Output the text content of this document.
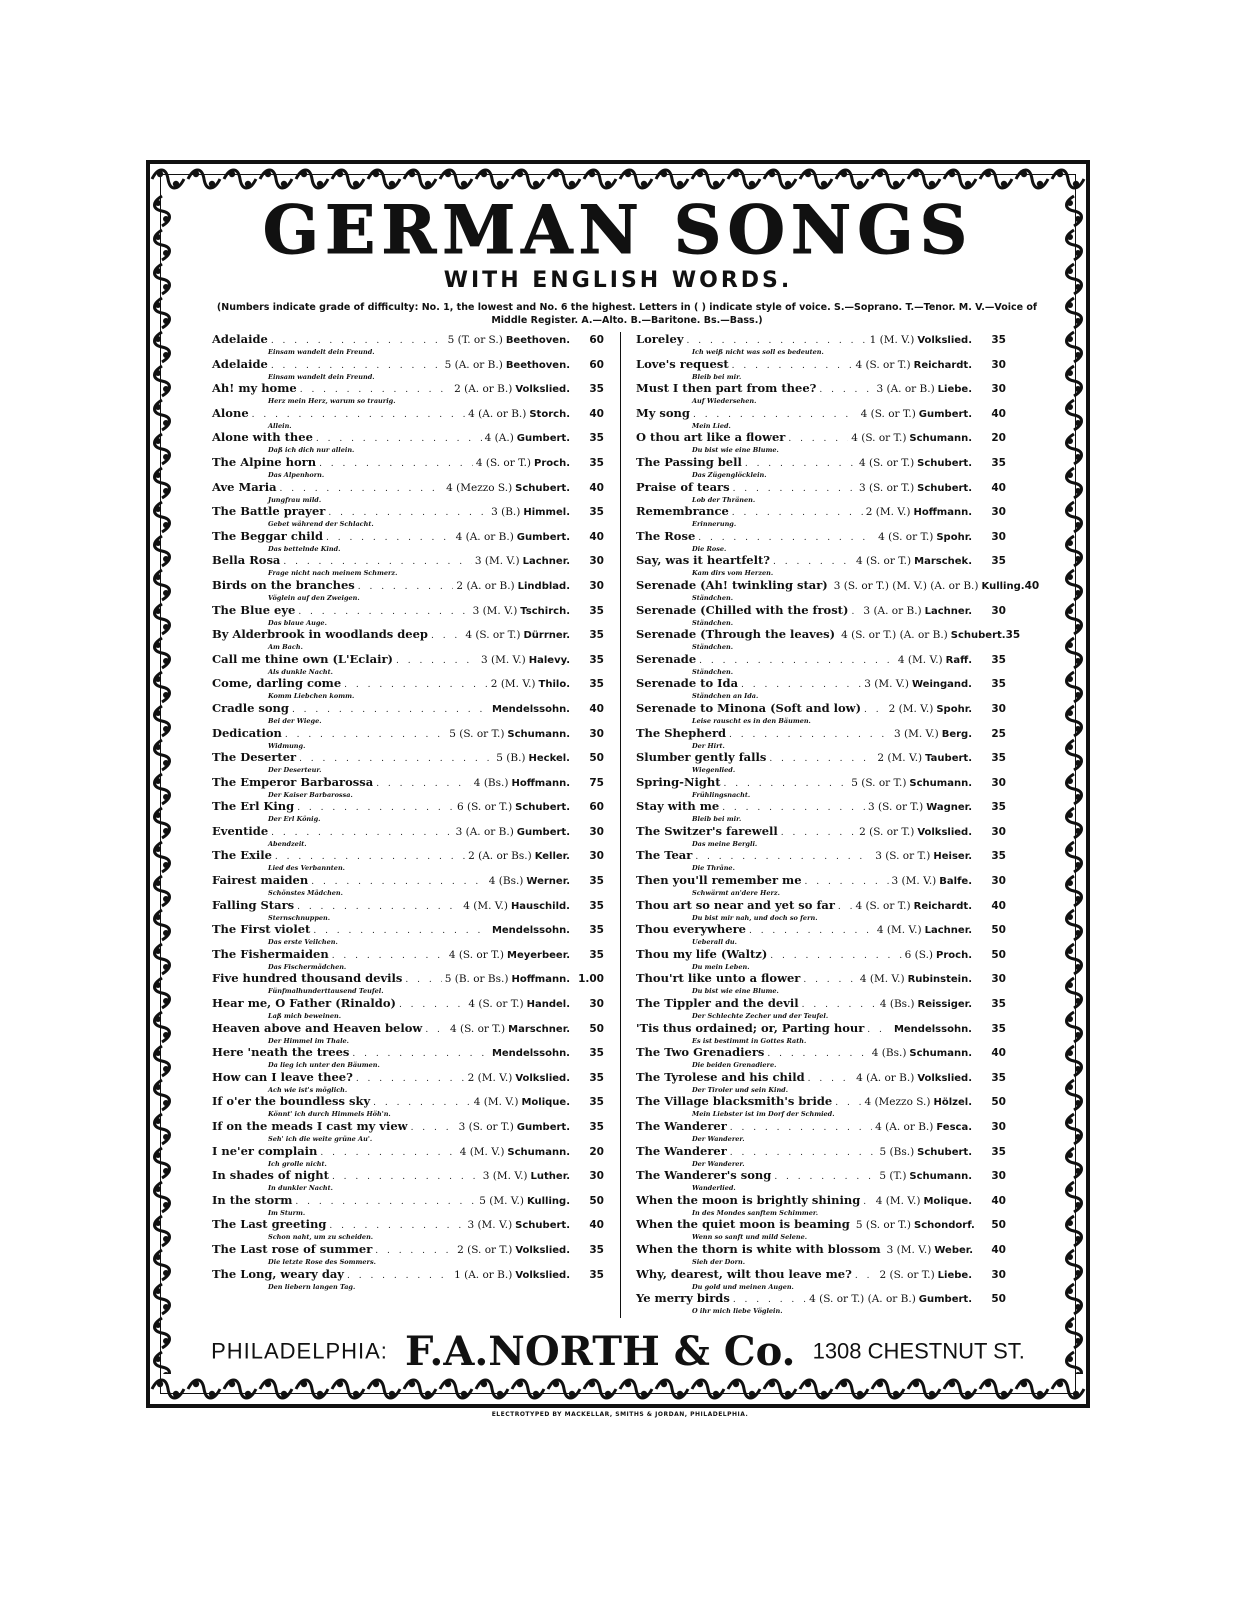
GERMAN SONGS
WITH ENGLISH WORDS.
(Numbers indicate grade of difficulty: No. 1, the lowest and No. 6 the highest. Letters in ( ) indicate style of voice. S.—Soprano. T.—Tenor. M. V.—Voice of Middle Register. A.—Alto. B.—Baritone. Bs.—Bass.)
Adelaide . . .	5 (T. or S.) Beethoven.	60
Einsam wandelt dein Freund.
Adelaide . . .	5 (A. or B.) Beethoven.	60
Einsam wandelt dein Freund.
Ah! my home . . .	2 (A. or B.) Volkslied.	35
Herz mein Herz, warum so traurig.
Alone . . .	4 (A. or B.) Storch.	40
Allein.
Alone with thee . . .	4 (A.) Gumbert.	35
Daß ich dich nur allein.
The Alpine horn . . .	4 (S. or T.) Proch.	35
Das Alpenhorn.
Ave Maria . . .	4 (Mezzo S.) Schubert.	40
Jungfrau mild.
The Battle prayer . . .	3 (B.) Himmel.	35
Gebet während der Schlacht.
The Beggar child . . .	4 (A. or B.) Gumbert.	40
Das bettelnde Kind.
Bella Rosa . . .	3 (M. V.) Lachner.	30
Frage nicht nach meinem Schmerz.
Birds on the branches . . .	2 (A. or B.) Lindblad.	30
Vöglein auf den Zweigen.
The Blue eye . . .	3 (M. V.) Tschirch.	35
Das blaue Auge.
By Alderbrook in woodlands deep . . .	4 (S. or T.) Dürrner.	35
Am Bach.
Call me thine own (L'Eclair) . . .	3 (M. V.) Halevy.	35
Als dunkle Nacht.
Come, darling come . . .	2 (M. V.) Thilo.	35
Komm Liebchen komm.
Cradle song . . .	Mendelssohn.	40
Bei der Wiege.
Dedication . . .	5 (S. or T.) Schumann.	30
Widmung.
The Deserter . . .	5 (B.) Heckel.	50
Der Deserteur.
The Emperor Barbarossa . . .	4 (Bs.) Hoffmann.	75
Der Kaiser Barbarossa.
The Erl King . . .	6 (S. or T.) Schubert.	60
Der Erl König.
Eventide . . .	3 (A. or B.) Gumbert.	30
Abendzeit.
The Exile . . .	2 (A. or Bs.) Keller.	30
Lied des Verbannten.
Fairest maiden . . .	4 (Bs.) Werner.	35
Schönstes Mädchen.
Falling Stars . . .	4 (M. V.) Hauschild.	35
Sternschnuppen.
The First violet . . .	Mendelssohn.	35
Das erste Veilchen.
The Fishermaiden . . .	4 (S. or T.) Meyerbeer.	35
Das Fischermädchen.
Five hundred thousand devils . . .	5 (B. or Bs.) Hoffmann. 1.00
Fünfmalhunderttausend Teufel.
Hear me, O Father (Rinaldo) . . .	4 (S. or T.) Handel.	30
Laß mich beweinen.
Heaven above and Heaven below . . .	4 (S. or T.) Marschner.	50
Der Himmel im Thale.
Here 'neath the trees . . .	Mendelssohn.	35
Da lieg ich unter den Bäumen.
How can I leave thee? . . .	2 (M. V.) Volkslied.	35
Ach wie ist's möglich.
If o'er the boundless sky . . .	4 (M. V.) Molique.	35
Könnt' ich durch Himmels Höh'n.
If on the meads I cast my view . . .	3 (S. or T.) Gumbert.	35
Seh' ich die weite grüne Au'.
I ne'er complain . . .	4 (M. V.) Schumann.	20
Ich grolle nicht.
In shades of night . . .	3 (M. V.) Luther.	30
In dunkler Nacht.
In the storm . . .	5 (M. V.) Kulling.	50
Im Sturm.
The Last greeting . . .	3 (M. V.) Schubert.	40
Schon naht, um zu scheiden.
The Last rose of summer . . .	2 (S. or T.) Volkslied.	35
Die letzte Rose des Sommers.
The Long, weary day . . .	1 (A. or B.) Volkslied.	35
Den liebern langen Tag.
Loreley . . .	1 (M. V.) Volkslied.	35
Ich weiß nicht was soll es bedeuten.
Love's request . . .	4 (S. or T.) Reichardt.	30
Bleib bei mir.
Must I then part from thee? . . .	3 (A. or B.) Liebe.	30
Auf Wiedersehen.
My song . . .	4 (S. or T.) Gumbert.	40
Mein Lied.
O thou art like a flower . . .	4 (S. or T.) Schumann.	20
Du bist wie eine Blume.
The Passing bell . . .	4 (S. or T.) Schubert.	35
Das Zügenglöcklein.
Praise of tears . . .	3 (S. or T.) Schubert.	40
Lob der Thränen.
Remembrance . . .	2 (M. V.) Hoffmann.	30
Erinnerung.
The Rose . . .	4 (S. or T.) Spohr.	30
Die Rose.
Say, was it heartfelt? . . .	4 (S. or T.) Marschek.	35
Kam dirs vom Herzen.
Serenade (Ah! twinkling star) 3 (S. or T.) (M. V.) (A. or B.) Kulling. 40
Ständchen.
Serenade (Chilled with the frost) . . . 3 (A. or B.) Lachner.	30
Ständchen.
Serenade (Through the leaves) 4 (S. or T.) (A. or B.) Schubert. 35
Ständchen.
Serenade . . .	4 (M. V.) Raff.	35
Ständchen.
Serenade to Ida . . .	3 (M. V.) Weingand.	35
Ständchen an Ida.
Serenade to Minona (Soft and low) . . .	2 (M. V.) Spohr.	30
Leise rauscht es in den Bäumen.
The Shepherd . . .	3 (M. V.) Berg.	25
Der Hirt.
Slumber gently falls . . .	2 (M. V.) Taubert.	35
Wiegenlied.
Spring-Night . . .	5 (S. or T.) Schumann.	30
Frühlingsnacht.
Stay with me . . .	3 (S. or T.) Wagner.	35
Bleib bei mir.
The Switzer's farewell . . .	2 (S. or T.) Volkslied.	30
Das meine Bergli.
The Tear . . .	3 (S. or T.) Heiser.	35
Die Thräne.
Then you'll remember me . . .	3 (M. V.) Balfe.	30
Schwärmt an'dere Herz.
Thou art so near and yet so far . . . 4 (S. or T.) Reichardt.	40
Du bist mir nah, und doch so fern.
Thou everywhere . . .	4 (M. V.) Lachner.	50
Ueberall du.
Thou my life (Waltz) . . .	6 (S.) Proch.	50
Du mein Leben.
Thou'rt like unto a flower . . .	4 (M. V.) Rubinstein.	30
Du bist wie eine Blume.
The Tippler and the devil . . .	4 (Bs.) Reissiger.	35
Der Schlechte Zecher und der Teufel.
'Tis thus ordained; or, Parting hour . . .	Mendelssohn.	35
Es ist bestimmt in Gottes Rath.
The Two Grenadiers . . .	4 (Bs.) Schumann.	40
Die beiden Grenadiere.
The Tyrolese and his child . . .	4 (A. or B.) Volkslied.	35
Der Tiroler und sein Kind.
The Village blacksmith's bride . . .	4 (Mezzo S.) Hölzel.	50
Mein Liebster ist im Dorf der Schmied.
The Wanderer . . .	4 (A. or B.) Fesca.	30
Der Wanderer.
The Wanderer . . .	5 (Bs.) Schubert.	35
Der Wanderer.
The Wanderer's song . . .	5 (T.) Schumann.	30
Wanderlied.
When the moon is brightly shining . . . 4 (M. V.) Molique.	40
In des Mondes sanftem Schimmer.
When the quiet moon is beaming 5 (S. or T.) Schondorf.	50
Wenn so sanft und mild Selene.
When the thorn is white with blossom 3 (M. V.) Weber.	40
Sieh der Dorn.
Why, dearest, wilt thou leave me? . . .	2 (S. or T.) Liebe.	30
Du gold und meinen Augen.
Ye merry birds . . .	4 (S. or T.) (A. or B.) Gumbert.	50
O ihr mich liebe Vöglein.
PHILADELPHIA: F.A.NORTH & Co. 1308 CHESTNUT ST.
ELECTROTYPED BY MACKELLAR, SMITHS & JORDAN, PHILADELPHIA.
